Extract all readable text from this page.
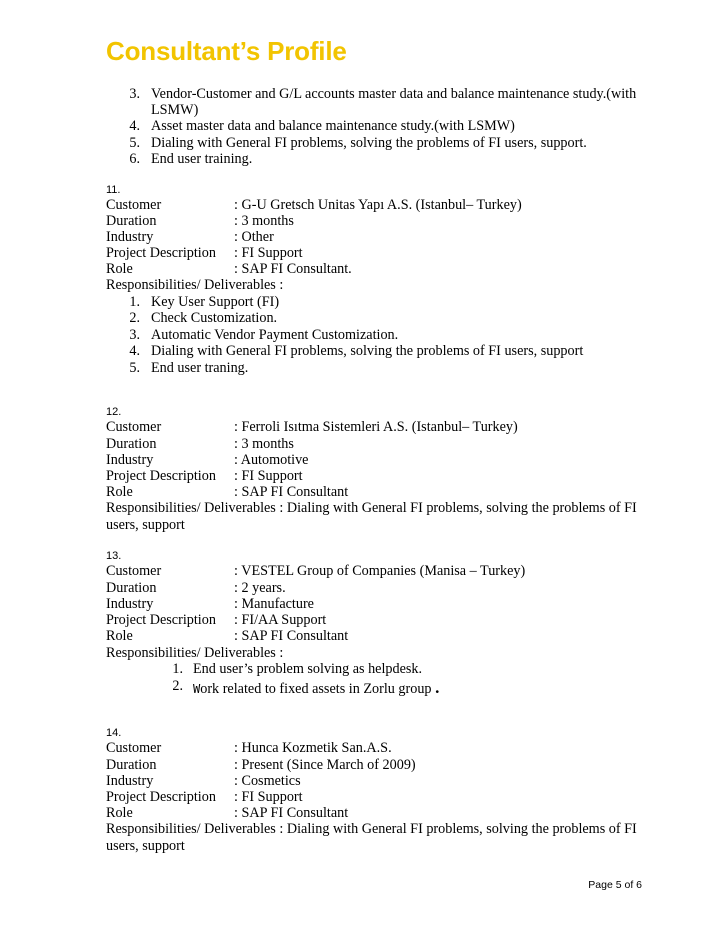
Consultant’s Profile
3. Vendor-Customer and G/L accounts master data and balance maintenance study.(with
LSMW)
4. Asset master data and balance maintenance study.(with LSMW)
5. Dialing with General FI problems, solving the problems of FI users, support.
6. End user training.
11.
Customer	: G-U Gretsch Unitas Yapı A.S. (Istanbul– Turkey)
Duration	: 3 months
Industry	: Other
Project Description : FI Support
Role	: SAP FI Consultant.
Responsibilities/ Deliverables :
1. Key User Support (FI)
2. Check Customization.
3. Automatic Vendor Payment Customization.
4. Dialing with General FI problems, solving the problems of FI users, support
5. End user traning.
12.
Customer	: Ferroli Isıtma Sistemleri A.S. (Istanbul– Turkey)
Duration	: 3 months
Industry	: Automotive
Project Description : FI Support
Role	: SAP FI Consultant
Responsibilities/ Deliverables : Dialing with General FI problems, solving the problems of FI
users, support
13.
Customer	: VESTEL Group of Companies (Manisa – Turkey)
Duration	: 2 years.
Industry	: Manufacture
Project Description : FI/AA Support
Role	: SAP FI Consultant
Responsibilities/ Deliverables :
1. End user’s problem solving as helpdesk.
2. Work related to fixed assets in Zorlu group .
14.
Customer	: Hunca Kozmetik San.A.S.
Duration	: Present (Since March of 2009)
Industry	: Cosmetics
Project Description : FI Support
Role	: SAP FI Consultant
Responsibilities/ Deliverables : Dialing with General FI problems, solving the problems of FI
users, support
Page 5 of 6
